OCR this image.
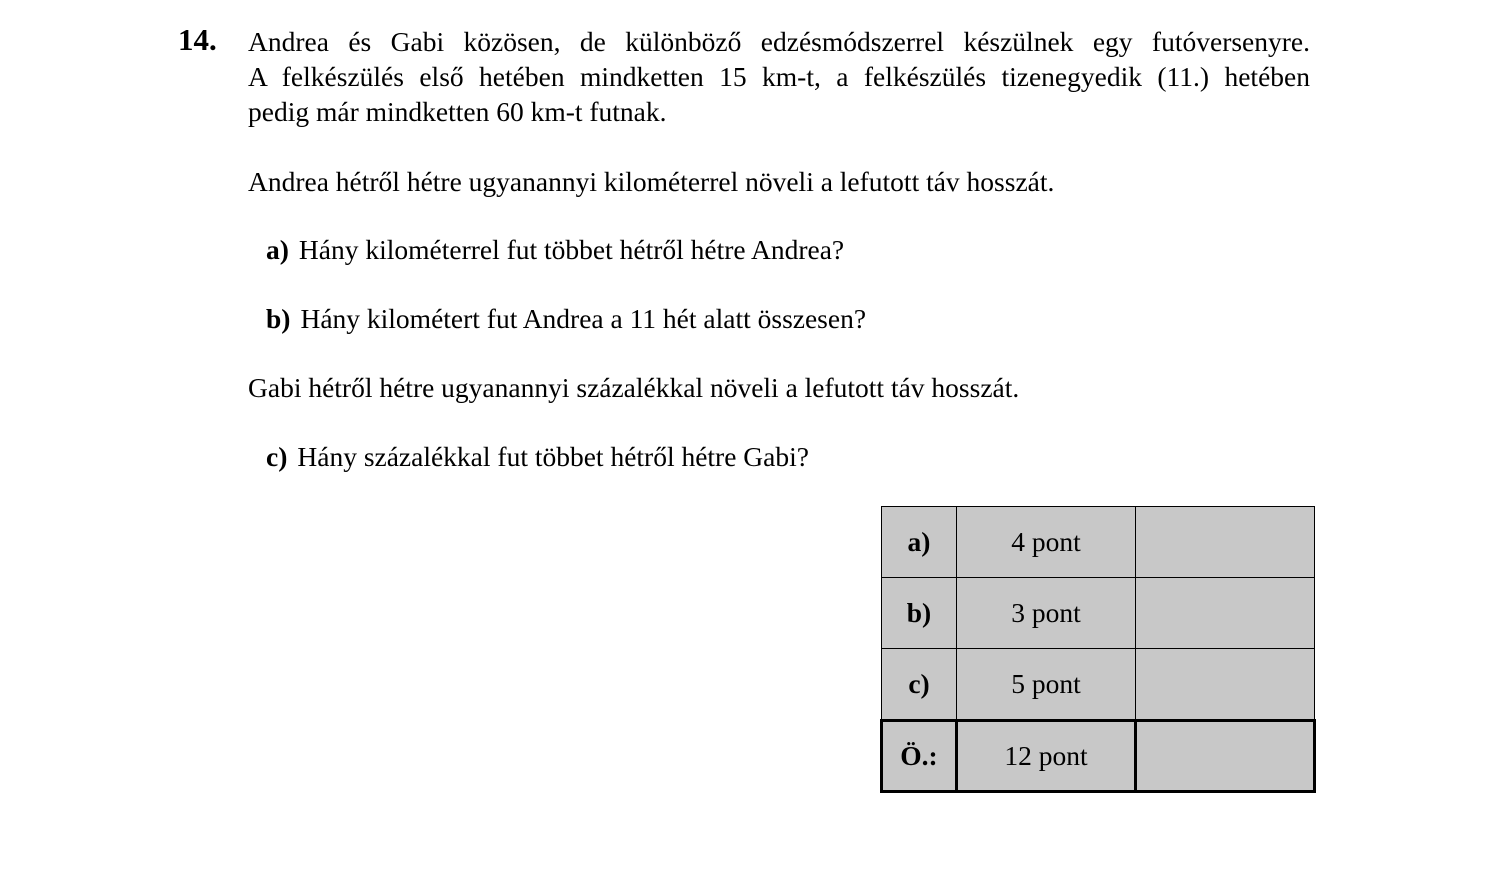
14. Andrea és Gabi közösen, de különböző edzésmódszerrel készülnek egy futóversenyre.
A felkészülés első hetében mindketten 15 km-t, a felkészülés tizenegyedik (11.) hetében
pedig már mindketten 60 km-t futnak.
Andrea hétről hétre ugyanannyi kilométerrel növeli a lefutott táv hosszát.
a) Hány kilométerrel fut többet hétről hétre Andrea?
b) Hány kilométert fut Andrea a 11 hét alatt összesen?
Gabi hétről hétre ugyanannyi százalékkal növeli a lefutott táv hosszát.
c) Hány százalékkal fut többet hétről hétre Gabi?
a)	4 pont	
b)	3 pont	
c)	5 pont	
Ö.:	12 pont	
